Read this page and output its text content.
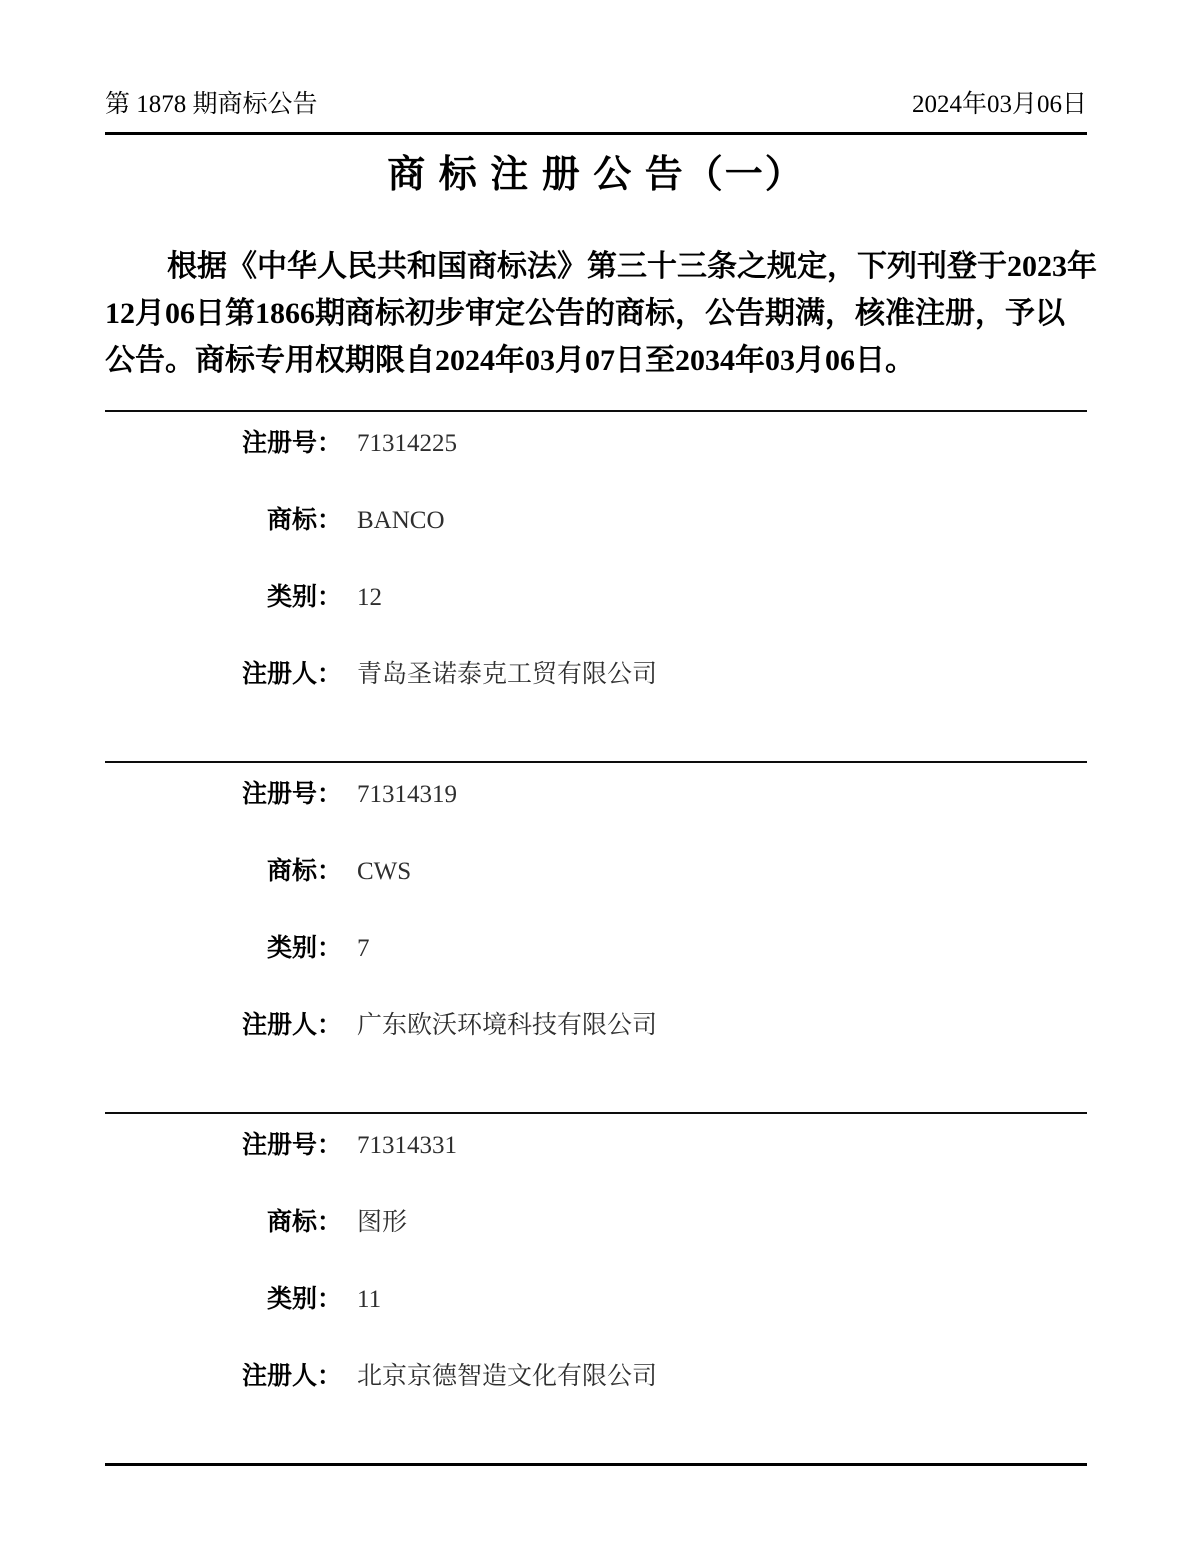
第 1878 期商标公告	2024年03月06日
商 标 注 册 公 告（一）
根据《中华人民共和国商标法》第三十三条之规定，下列刊登于2023年
12月06日第1866期商标初步审定公告的商标，公告期满，核准注册，予以
公告。商标专用权期限自2024年03月07日至2034年03月06日。
注册号： 71314225
商标： BANCO
类别： 12
注册人： 青岛圣诺泰克工贸有限公司
注册号： 71314319
商标： CWS
类别： 7
注册人： 广东欧沃环境科技有限公司
注册号： 71314331
商标： 图形
类别： 11
注册人： 北京京德智造文化有限公司
